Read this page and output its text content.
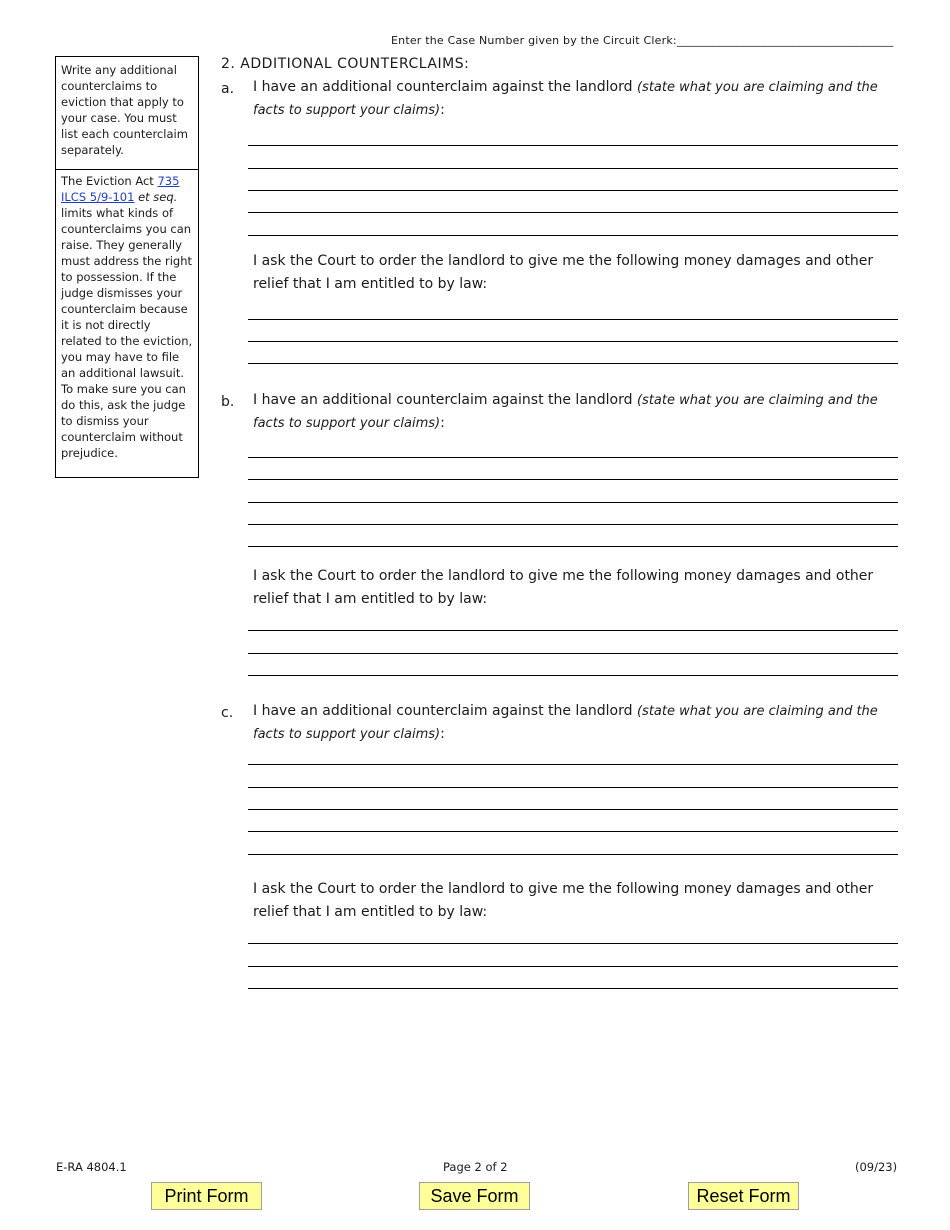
Enter the Case Number given by the Circuit Clerk:______________________________________
Write any additional counterclaims to eviction that apply to your case. You must list each counterclaim separately.
The Eviction Act 735 ILCS 5/9-101 et seq. limits what kinds of counterclaims you can raise. They generally must address the right to possession. If the judge dismisses your counterclaim because it is not directly related to the eviction, you may have to file an additional lawsuit. To make sure you can do this, ask the judge to dismiss your counterclaim without prejudice.
2. ADDITIONAL COUNTERCLAIMS:
a. I have an additional counterclaim against the landlord (state what you are claiming and the facts to support your claims):
I ask the Court to order the landlord to give me the following money damages and other relief that I am entitled to by law:
b. I have an additional counterclaim against the landlord (state what you are claiming and the facts to support your claims):
I ask the Court to order the landlord to give me the following money damages and other relief that I am entitled to by law:
c. I have an additional counterclaim against the landlord (state what you are claiming and the facts to support your claims):
I ask the Court to order the landlord to give me the following money damages and other relief that I am entitled to by law:
E-RA 4804.1	Page 2 of 2	(09/23)
Print Form	Save Form	Reset Form
